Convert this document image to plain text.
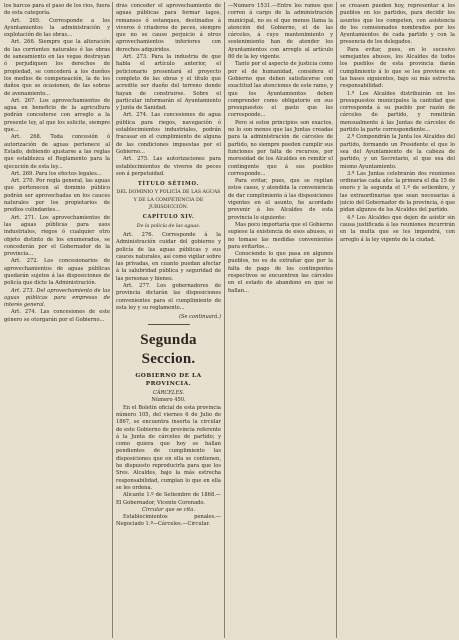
los barcos para el paso de los ríos, fuera de esta categoría.

Art. 265. Corresponde a los Ayuntamientos la administración y explotación de las obras...

Art. 266. Siempre que la alteración de las corrientes naturales ó las obras de saneamiento en las vegas destruyan ó perjudiquen los derechos de propiedad, se concederá a los dueños los medios de compensación, la de los daños que se ocasionen, de las sobras de avenamiento...

Art. 267. Los aprovechamientos de agua en beneficio de la agricultura podrán concederse con arreglo a la presente ley, al que los solicite, siempre que...

Art. 268. Toda concesión ó autorización de aguas pertenece al Estado, debiendo ajustarse a las reglas que establezca el Reglamento para la ejecución de esta ley...

Art. 269. Para los efectos legales...

Art. 270. Por regla general, las aguas que pertenecen al dominio público podrán ser aprovechadas en los cauces naturales por los propietarios de predios colindantes...

Art. 271. Los aprovechamientos de las aguas públicas para usos industriales, riegos ó cualquier otro objeto distinto de los enumerados, se concederán por el Gobernador de la provincia...

Art. 272. Los concesionarios de aprovechamientos de aguas públicas quedarán sujetos á las disposiciones de policía que dicte la Administración.

Art. 273. Del aprovechamiento de las aguas públicas para empresas de interés general.

Art. 274. Las concesiones de este género se otorgarán por el Gobierno...

drás conceder el aprovechamiento de aguas públicas para formar lagos, remansos ó estanques, destinados á viveros ó criaderos de peces, siempre que no se cause perjuicio á otros aprovechamientos inferiores con derechos adquiridos.

Art. 273. Para la industria de que habla el artículo anterior, el peticionario presentará el proyecto completo de las obras y el título que acredite ser dueño del terreno donde hayan de construirse. Sobre el particular informarán el Ayuntamiento y Junta de Sanidad.

Art. 274. Las concesiones de agua pública para riegos, navegación ó establecimientos industriales, podrán fracasar en el cumplimiento de alguna de las condiciones impuestas por el Gobierno...

Art. 275. Las autorizaciones para establecimientos de viveros de peces son á perpetuidad.

TÍTULO SÉTIMO.
DEL DOMINIO Y POLICÍA DE LAS AGUAS Y DE LA COMPETENCIA DE JURISDICCIÓN.
CAPÍTULO XIV.
De la policía de las aguas.

Art. 276. Corresponde á la Administración cuidar del gobierno y policía de las aguas públicas y sus cauces naturales, así como vigilar sobre las privadas, en cuanto puedan afectar á la salubridad pública y seguridad de las personas y bienes.

Art. 277. Los gobernadores de provincia dictarán las disposiciones convenientes para el cumplimiento de esta ley y su reglamento...

(Se continuará.)
Segunda Seccion.
GOBIERNO DE LA PROVINCIA.
CÁRCELES.
Número 450.

En el Boletín oficial de esta provincia número 105, del viernes 6 de Julio de 1867, se encuentra inserta la circular de este Gobierno de provincia referente á la Junta de cárceles de partido; y como quiera que hoy se hallan pendientes de cumplimiento las disposiciones que en ella se contienen, he dispuesto reproducirla para que los Sres. Alcaldes, bajo la más estrecha responsabilidad, cumplan lo que en ella se les ordena.

Alicante 1.º de Setiembre de 1868.—El Gobernador, Vicente Coronado.

Circular que se cita.

Establecimientos penales.—Negociado 1.º—Cárceles.—Circular.

—Número 1531.—Entre los ramos que corren á cargo de la administración municipal, no es el que menos llama la atención del Gobierno, el de las cárceles, á cuyo mantenimiento y sostenimiento han de atender los Ayuntamientos con arreglo al artículo 80 de la ley vigente.

Tanto por el aspecto de justicia como por el de humanidad, considera el Gobierno que deben satisfacerse con exactitud las atenciones de este ramo, y que los Ayuntamientos deben comprender como obligatorio en sus presupuestos el gasto que les corresponde...

Pero si estos principios son exactos, no lo son menos que las Juntas creadas para la administración de cárceles de partido, no siempre pueden cumplir sus funciones por falta de recursos, por morosidad de los Alcaldes en remitir el contingente que á sus pueblos corresponde...

Para evitar, pues, que se repitan estos casos, y atendida la conveniencia de dar cumplimiento á las disposiciones vigentes en el asunto, he acordado prevenir á los Alcaldes de esta provincia lo siguiente:

Mas poco importaría que el Gobierno supiese la existencia de esos abusos, si no tomase las medidas convenientes para evitarlos...

Conociendo lo que pasa en algunos pueblos, no es de extrañar que por la falta de pago de los contingentes respectivos se encuentren las cárceles en el estado de abandono en que se hallan...

se creasen pueden hoy, representar á los pueblos en los partidos, para decidir los asuntos que les competen, con asistencia de los comisionados nombrados por los Ayuntamientos de cada partido y con la presencia de los delegados.

Para evitar, pues, en lo sucesivo semejantes abusos, los Alcaldes de todos los pueblos de esta provincia darán cumplimiento á lo que se les previene en las bases siguientes, bajo su más estrecha responsabilidad:

1.ª Los Alcaldes distribuirán en los presupuestos municipales la cantidad que corresponda á su pueblo por razón de cárceles de partido, y remitirán mensualmente á las Juntas de cárceles de partido la parte correspondiente...

2.ª Compondrán la Junta los Alcaldes del partido, formando un Presidente el que lo sea del Ayuntamiento de la cabeza de partido, y un Secretario, el que sea del mismo Ayuntamiento.

3.ª Las Juntas celebrarán dos reuniones ordinarias cada año: la primera el día 15 de enero y la segunda el 1.º de setiembre, y las extraordinarias que sean necesarias á juicio del Gobernador de la provincia, ó que pidan algunos de los Alcaldes del partido.

4.ª Los Alcaldes que dejen de asistir sin causa justificada á las reuniones incurrirán en la multa que se les impondrá, con arreglo á la ley vigente de la ciudad.
